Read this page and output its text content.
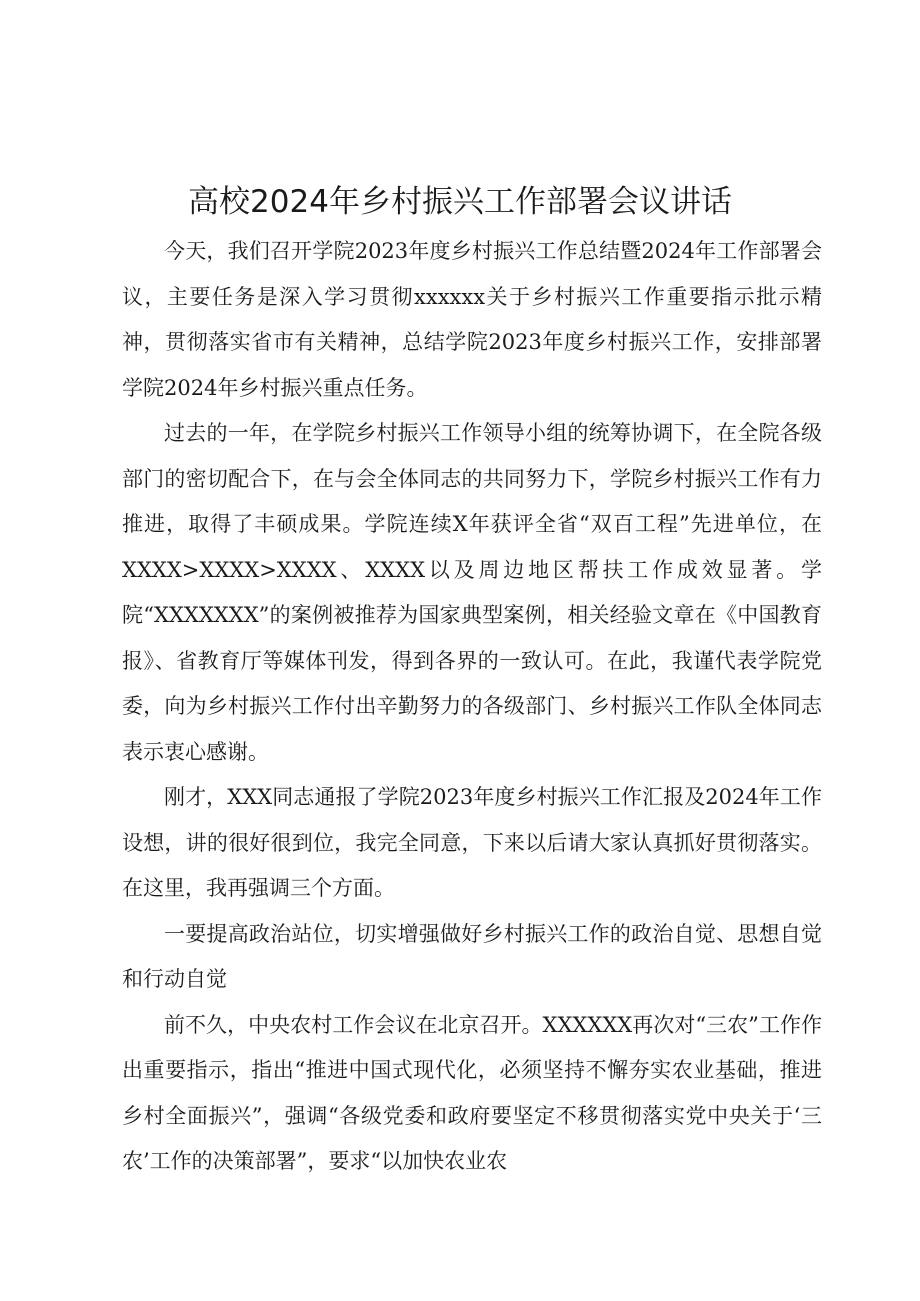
高校2024年乡村振兴工作部署会议讲话

今天，我们召开学院2023年度乡村振兴工作总结暨2024年工作部署会议，主要任务是深入学习贯彻xxxxxx关于乡村振兴工作重要指示批示精神，贯彻落实省市有关精神，总结学院2023年度乡村振兴工作，安排部署学院2024年乡村振兴重点任务。

过去的一年，在学院乡村振兴工作领导小组的统筹协调下，在全院各级部门的密切配合下，在与会全体同志的共同努力下，学院乡村振兴工作有力推进，取得了丰硕成果。学院连续X年获评全省“双百工程”先进单位，在XXXX>XXXX>XXXX、XXXX以及周边地区帮扶工作成效显著。学院“XXXXXXX”的案例被推荐为国家典型案例，相关经验文章在《中国教育报》、省教育厅等媒体刊发，得到各界的一致认可。在此，我谨代表学院党委，向为乡村振兴工作付出辛勤努力的各级部门、乡村振兴工作队全体同志表示衷心感谢。

刚才，XXX同志通报了学院2023年度乡村振兴工作汇报及2024年工作设想，讲的很好很到位，我完全同意，下来以后请大家认真抓好贯彻落实。在这里，我再强调三个方面。

一要提高政治站位，切实增强做好乡村振兴工作的政治自觉、思想自觉和行动自觉

前不久，中央农村工作会议在北京召开。XXXXXX再次对“三农”工作作出重要指示，指出“推进中国式现代化，必须坚持不懈夯实农业基础，推进乡村全面振兴”，强调“各级党委和政府要坚定不移贯彻落实党中央关于‘三农’工作的决策部署”，要求“以加快农业农
